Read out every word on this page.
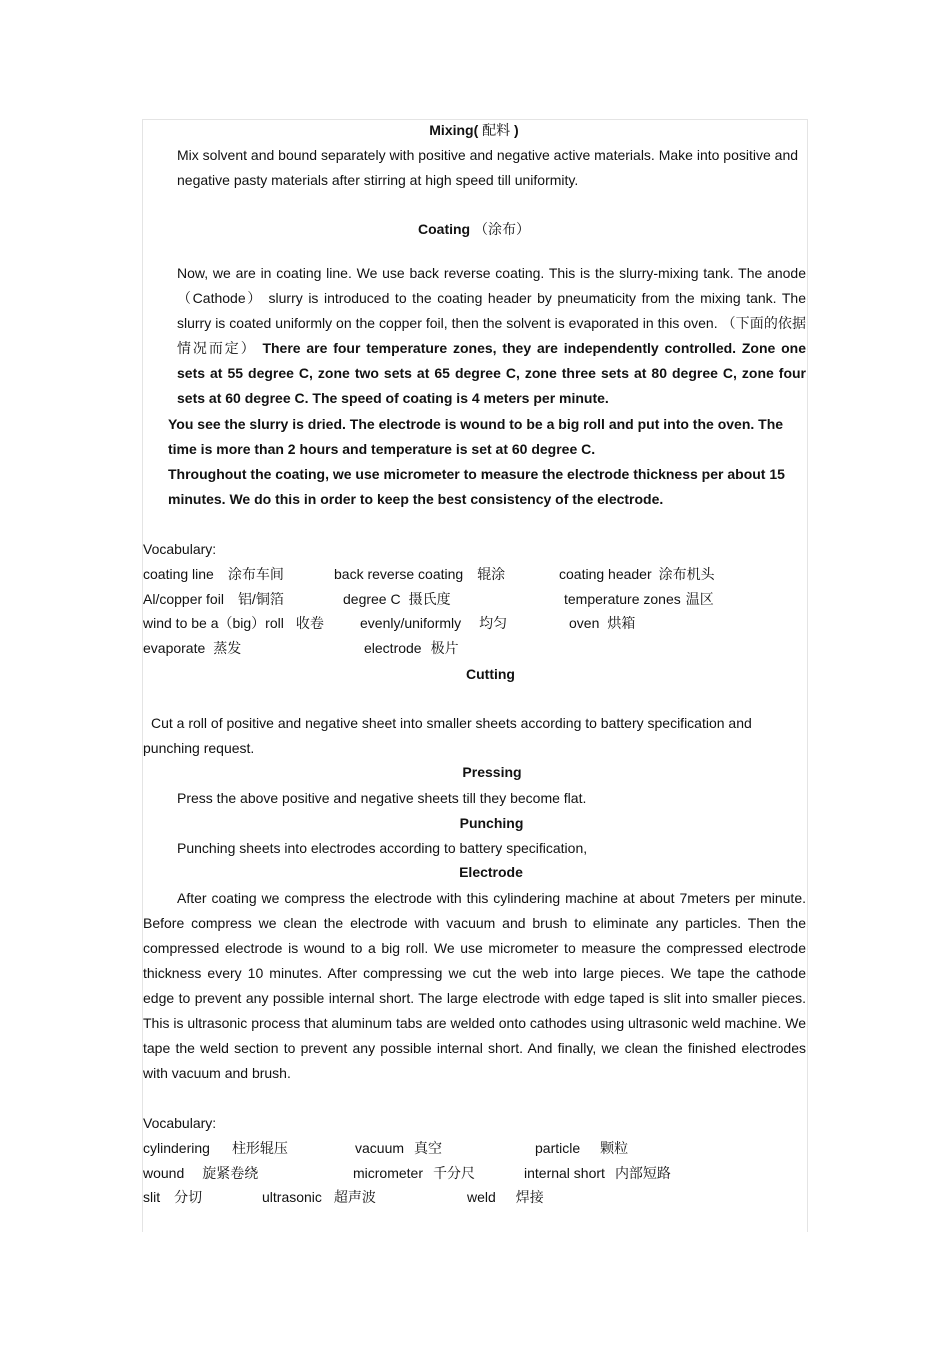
Mixing( 配料 )
Mix solvent and bound separately with positive and negative active materials. Make into positive and negative pasty materials after stirring at high speed till uniformity.
Coating （涂布）
Now, we are in coating line. We use back reverse coating. This is the slurry-mixing tank. The anode（Cathode） slurry is introduced to the coating header by pneumaticity from the mixing tank. The slurry is coated uniformly on the copper foil, then the solvent is evaporated in this oven. （下面的依据情况而定） There are four temperature zones, they are independently controlled. Zone one sets at 55 degree C, zone two sets at 65 degree C, zone three sets at 80 degree C, zone four sets at 60 degree C. The speed of coating is 4 meters per minute.
You see the slurry is dried. The electrode is wound to be a big roll and put into the oven. The time is more than 2 hours and temperature is set at 60 degree C.
Throughout the coating, we use micrometer to measure the electrode thickness per about 15 minutes. We do this in order to keep the best consistency of the electrode.
Vocabulary:
coating line 涂布车间	back reverse coating 辊涂	coating header 涂布机头
Al/copper foil 铝/铜箔	degree C 摄氏度	temperature zones 温区
wind to be a（big）roll 收卷	evenly/uniformly 均匀	oven 烘箱
evaporate 蒸发	electrode 极片
Cutting
Cut a roll of positive and negative sheet into smaller sheets according to battery specification and punching request.
Pressing
Press the above positive and negative sheets till they become flat.
Punching
Punching sheets into electrodes according to battery specification,
Electrode
After coating we compress the electrode with this cylindering machine at about 7meters per minute. Before compress we clean the electrode with vacuum and brush to eliminate any particles. Then the compressed electrode is wound to a big roll. We use micrometer to measure the compressed electrode thickness every 10 minutes. After compressing we cut the web into large pieces. We tape the cathode edge to prevent any possible internal short. The large electrode with edge taped is slit into smaller pieces. This is ultrasonic process that aluminum tabs are welded onto cathodes using ultrasonic weld machine. We tape the weld section to prevent any possible internal short. And finally, we clean the finished electrodes with vacuum and brush.
Vocabulary:
cylindering 柱形辊压	vacuum 真空	particle 颗粒
wound 旋紧卷绕	micrometer 千分尺	internal short 内部短路
slit 分切	ultrasonic 超声波	weld 焊接
